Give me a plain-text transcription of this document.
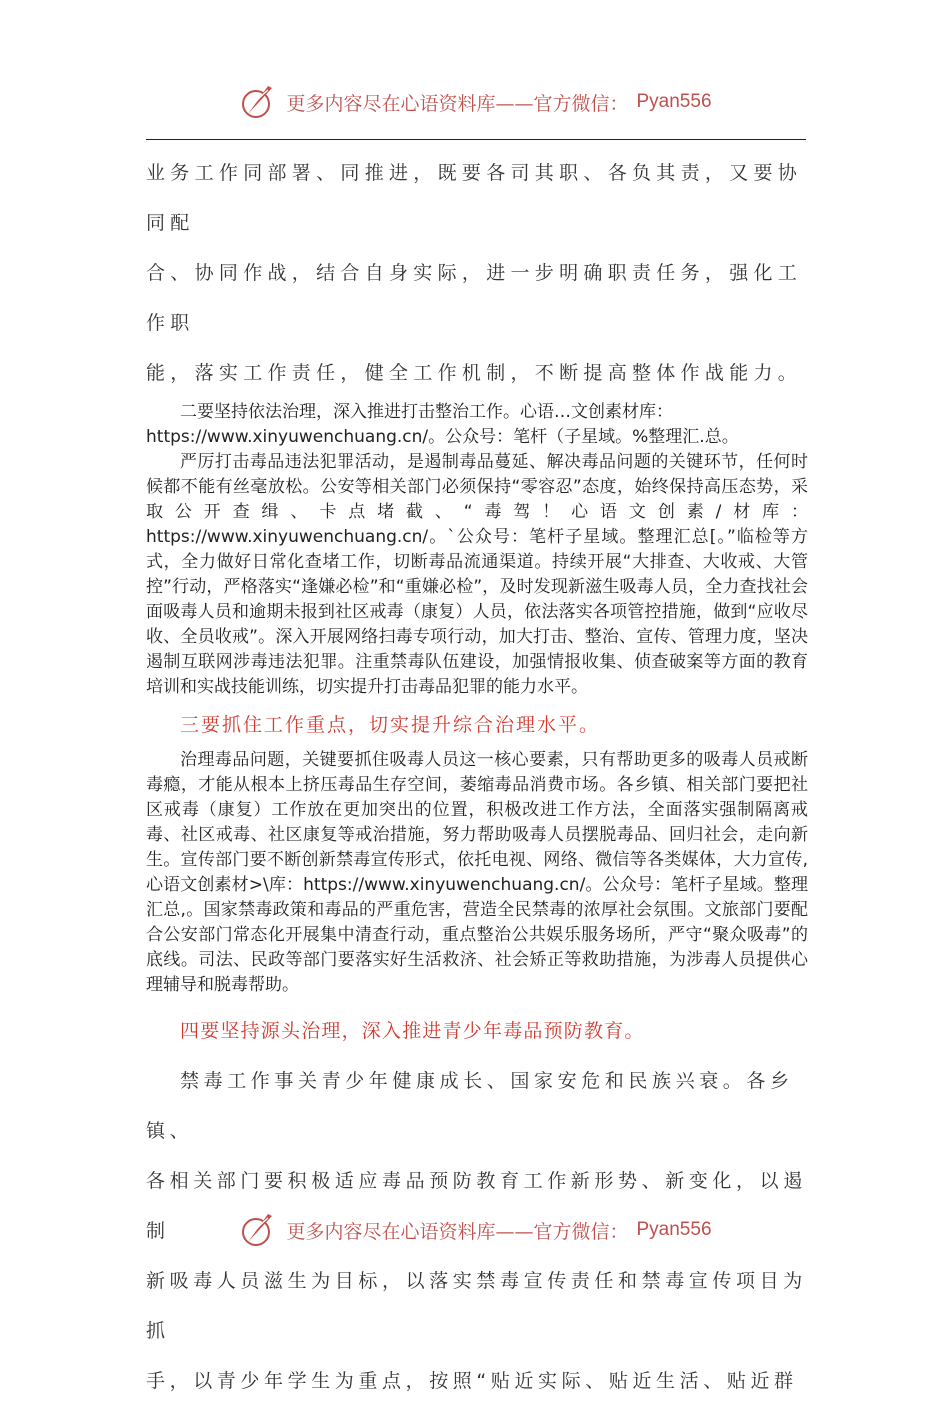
更多内容尽在心语资料库——官方微信： Pyan556

业务工作同部署、同推进，既要各司其职、各负其责，又要协同配

合、协同作战，结合自身实际，进一步明确职责任务，强化工作职

能，落实工作责任，健全工作机制，不断提高整体作战能力。

二要坚持依法治理，深入推进打击整治工作。心语…文创素材库：https://www.xinyuwenchuang.cn/。公众号：笔杆（子星域。%整理汇.总。

严厉打击毒品违法犯罪活动，是遏制毒品蔓延、解决毒品问题的关键环节，任何时候都不能有丝毫放松。公安等相关部门必须保持“零容忍”态度，始终保持高压态势，采取公开查缉、卡点堵截、“毒驾！心语文创素/材库：https://www.xinyuwenchuang.cn/。`公众号：笔杆子星域。整理汇总[。”临检等方式，全力做好日常化查堵工作，切断毒品流通渠道。持续开展“大排查、大收戒、大管控”行动，严格落实“逢嫌必检”和“重嫌必检”，及时发现新滋生吸毒人员，全力查找社会面吸毒人员和逾期未报到社区戒毒（康复）人员，依法落实各项管控措施，做到“应收尽收、全员收戒”。深入开展网络扫毒专项行动，加大打击、整治、宣传、管理力度，坚决遏制互联网涉毒违法犯罪。注重禁毒队伍建设，加强情报收集、侦查破案等方面的教育培训和实战技能训练，切实提升打击毒品犯罪的能力水平。

三要抓住工作重点，切实提升综合治理水平。

治理毒品问题，关键要抓住吸毒人员这一核心要素，只有帮助更多的吸毒人员戒断毒瘾，才能从根本上挤压毒品生存空间，萎缩毒品消费市场。各乡镇、相关部门要把社区戒毒（康复）工作放在更加突出的位置，积极改进工作方法，全面落实强制隔离戒毒、社区戒毒、社区康复等戒治措施，努力帮助吸毒人员摆脱毒品、回归社会，走向新生。宣传部门要不断创新禁毒宣传形式，依托电视、网络、微信等各类媒体，大力宣传,心语文创素材>\库：https://www.xinyuwenchuang.cn/。公众号：笔杆子星域。整理汇总,。国家禁毒政策和毒品的严重危害，营造全民禁毒的浓厚社会氛围。文旅部门要配合公安部门常态化开展集中清查行动，重点整治公共娱乐服务场所，严守“聚众吸毒”的底线。司法、民政等部门要落实好生活救济、社会矫正等救助措施，为涉毒人员提供心理辅导和脱毒帮助。

四要坚持源头治理，深入推进青少年毒品预防教育。

禁毒工作事关青少年健康成长、国家安危和民族兴衰。各乡镇、

各相关部门要积极适应毒品预防教育工作新形势、新变化，以遏制

新吸毒人员滋生为目标，以落实禁毒宣传责任和禁毒宣传项目为抓

手，以青少年学生为重点，按照“贴近实际、贴近生活、贴近群

更多内容尽在心语资料库——官方微信： Pyan556
